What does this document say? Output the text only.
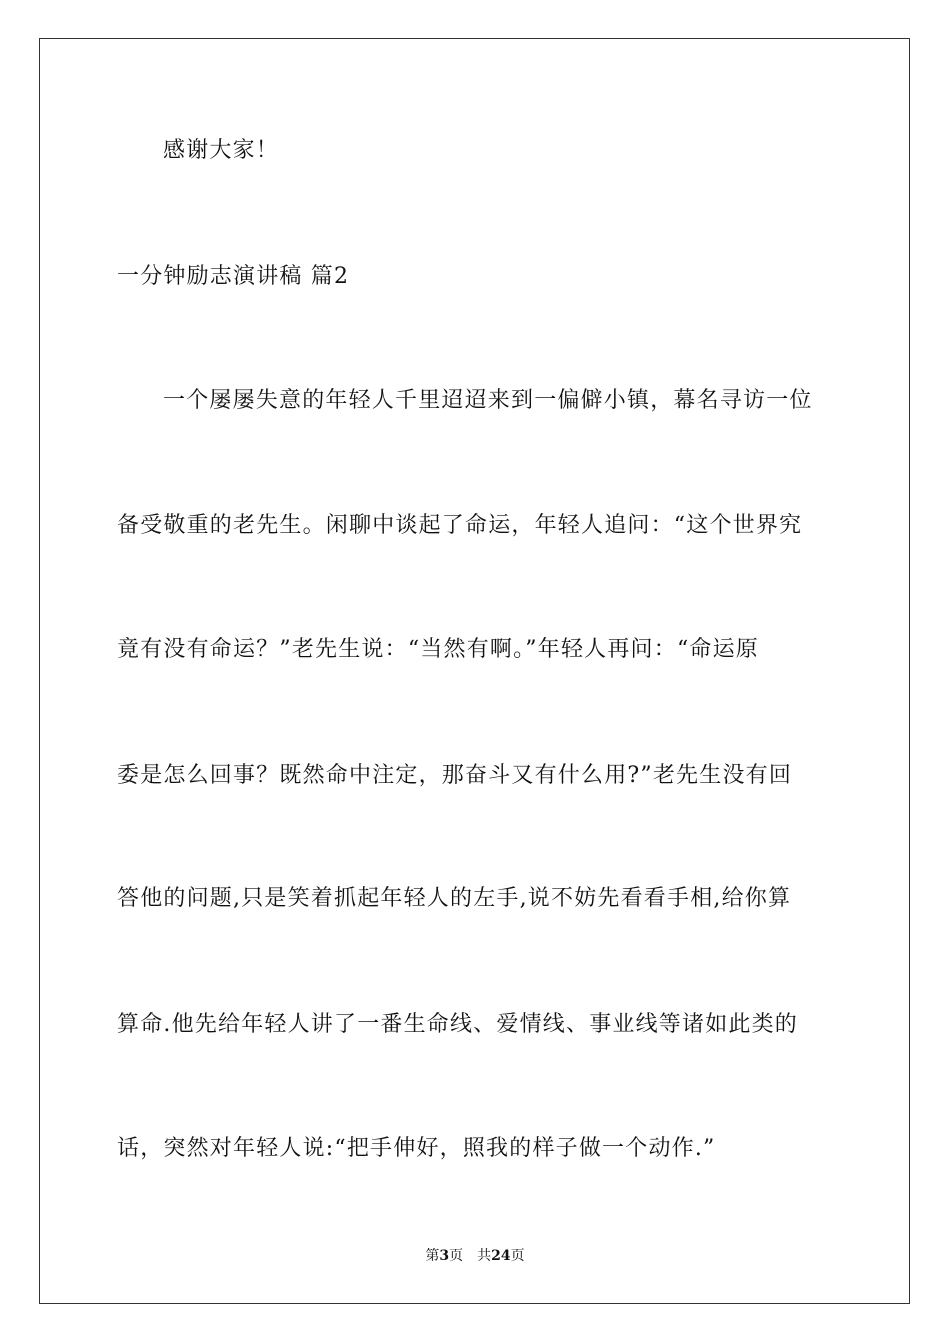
感谢大家！
一分钟励志演讲稿 篇2
一个屡屡失意的年轻人千里迢迢来到一偏僻小镇，幕名寻访一位
备受敬重的老先生。闲聊中谈起了命运，年轻人追问：“这个世界究
竟有没有命运？”老先生说：“当然有啊。”年轻人再问：“命运原
委是怎么回事？既然命中注定，那奋斗又有什么用?”老先生没有回
答他的问题,只是笑着抓起年轻人的左手,说不妨先看看手相,给你算
算命.他先给年轻人讲了一番生命线、爱情线、事业线等诸如此类的
话，突然对年轻人说:“把手伸好，照我的样子做一个动作.”
第3页 共24页
